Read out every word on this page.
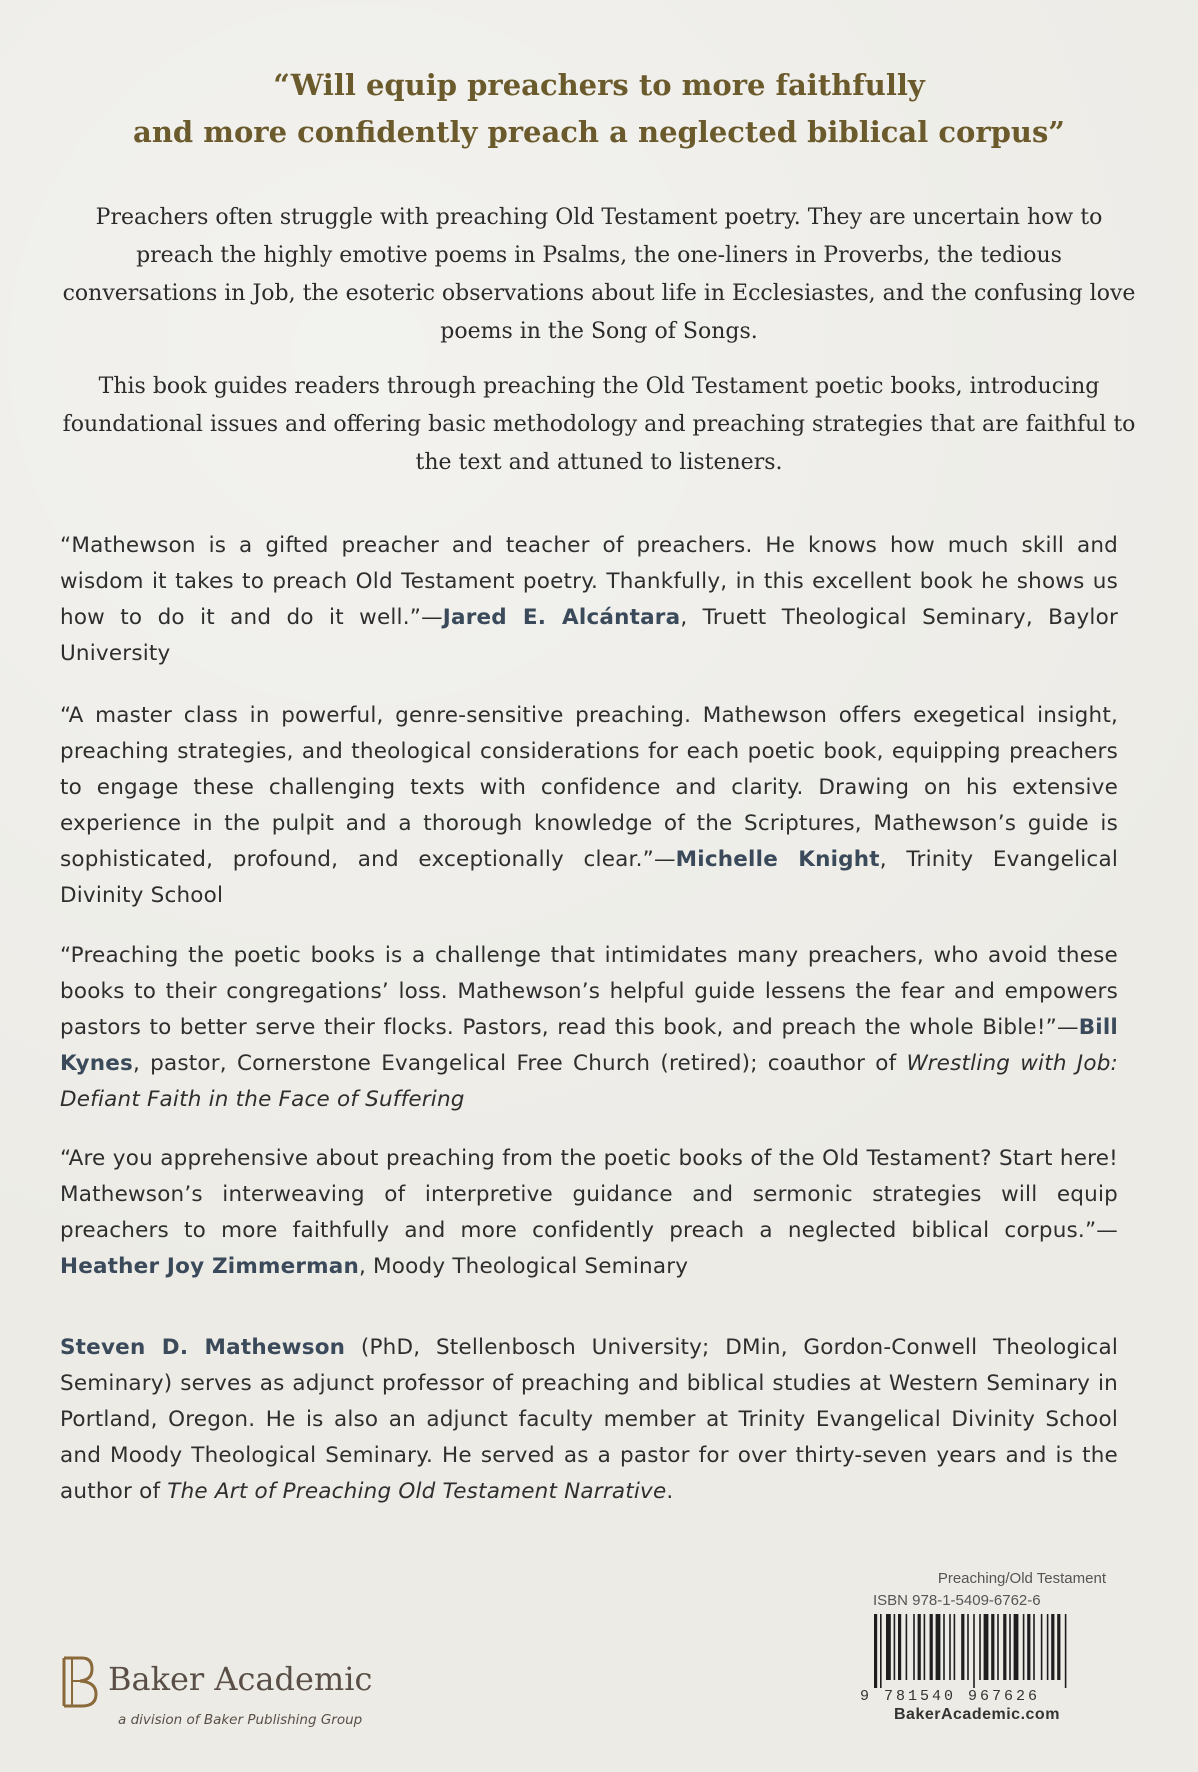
“Will equip preachers to more faithfully
and more confidently preach a neglected biblical corpus”
Preachers often struggle with preaching Old Testament poetry. They are uncertain how to preach the highly emotive poems in Psalms, the one-liners in Proverbs, the tedious conversations in Job, the esoteric observations about life in Ecclesiastes, and the confusing love poems in the Song of Songs.
This book guides readers through preaching the Old Testament poetic books, introducing foundational issues and offering basic methodology and preaching strategies that are faithful to the text and attuned to listeners.
“Mathewson is a gifted preacher and teacher of preachers. He knows how much skill and wisdom it takes to preach Old Testament poetry. Thankfully, in this excellent book he shows us how to do it and do it well.”—Jared E. Alcántara, Truett Theological Seminary, Baylor University
“A master class in powerful, genre-sensitive preaching. Mathewson offers exegetical insight, preaching strategies, and theological considerations for each poetic book, equipping preachers to engage these challenging texts with confidence and clarity. Drawing on his extensive experience in the pulpit and a thorough knowledge of the Scriptures, Mathewson’s guide is sophisticated, profound, and exceptionally clear.”—Michelle Knight, Trinity Evangelical Divinity School
“Preaching the poetic books is a challenge that intimidates many preachers, who avoid these books to their congregations’ loss. Mathewson’s helpful guide lessens the fear and empowers pastors to better serve their flocks. Pastors, read this book, and preach the whole Bible!”—Bill Kynes, pastor, Cornerstone Evangelical Free Church (retired); coauthor of Wrestling with Job: Defiant Faith in the Face of Suffering
“Are you apprehensive about preaching from the poetic books of the Old Testament? Start here! Mathewson’s interweaving of interpretive guidance and sermonic strategies will equip preachers to more faithfully and more confidently preach a neglected biblical corpus.”—Heather Joy Zimmerman, Moody Theological Seminary
Steven D. Mathewson (PhD, Stellenbosch University; DMin, Gordon-Conwell Theological Seminary) serves as adjunct professor of preaching and biblical studies at Western Seminary in Portland, Oregon. He is also an adjunct faculty member at Trinity Evangelical Divinity School and Moody Theological Seminary. He served as a pastor for over thirty-seven years and is the author of The Art of Preaching Old Testament Narrative.
Baker Academic
a division of Baker Publishing Group
Preaching/Old Testament
ISBN 978-1-5409-6762-6
9 781540 967626
BakerAcademic.com
